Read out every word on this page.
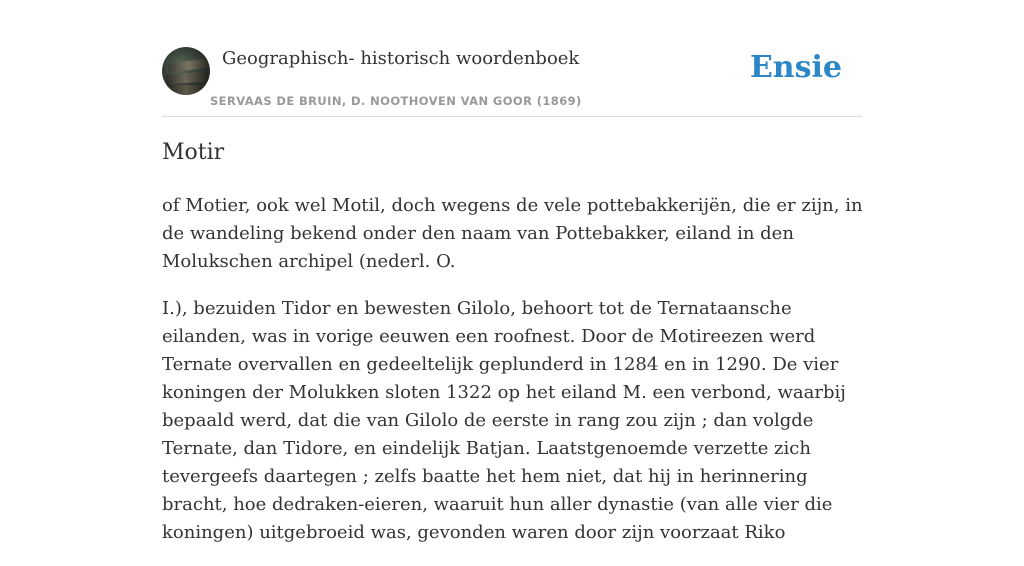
Geographisch- historisch woordenboek
SERVAAS DE BRUIN, D. NOOTHOVEN VAN GOOR (1869)
Ensie
Motir

of Motier, ook wel Motil, doch wegens de vele pottebakkerijën, die er zijn, in de wandeling bekend onder den naam van Pottebakker, eiland in den Molukschen archipel (nederl. O.

I.), bezuiden Tidor en bewesten Gilolo, behoort tot de Ternataansche eilanden, was in vorige eeuwen een roofnest. Door de Motireezen werd Ternate overvallen en gedeeltelijk geplunderd in 1284 en in 1290. De vier koningen der Molukken sloten 1322 op het eiland M. een verbond, waarbij bepaald werd, dat die van Gilolo de eerste in rang zou zijn ; dan volgde Ternate, dan Tidore, en eindelijk Batjan. Laatstgenoemde verzette zich tevergeefs daartegen ; zelfs baatte het hem niet, dat hij in herinnering bracht, hoe dedraken-eieren, waaruit hun aller dynastie (van alle vier die koningen) uitgebroeid was, gevonden waren door zijn voorzaat Riko
